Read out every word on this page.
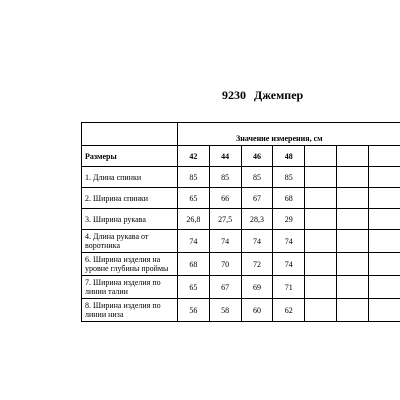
9230 Джемпер
	Значение измерения, см						
Размеры	42	44	46	48			
1. Длина спинки	85	85	85	85			
2. Ширина спинки	65	66	67	68			
3. Ширина рукава	26,8	27,5	28,3	29			
4. Длина рукава от воротника	74	74	74	74			
6. Ширина изделия на уровне глубины проймы	68	70	72	74			
7. Ширина изделия по линии талии	65	67	69	71			
8. Ширина изделия по линии низа	56	58	60	62			
